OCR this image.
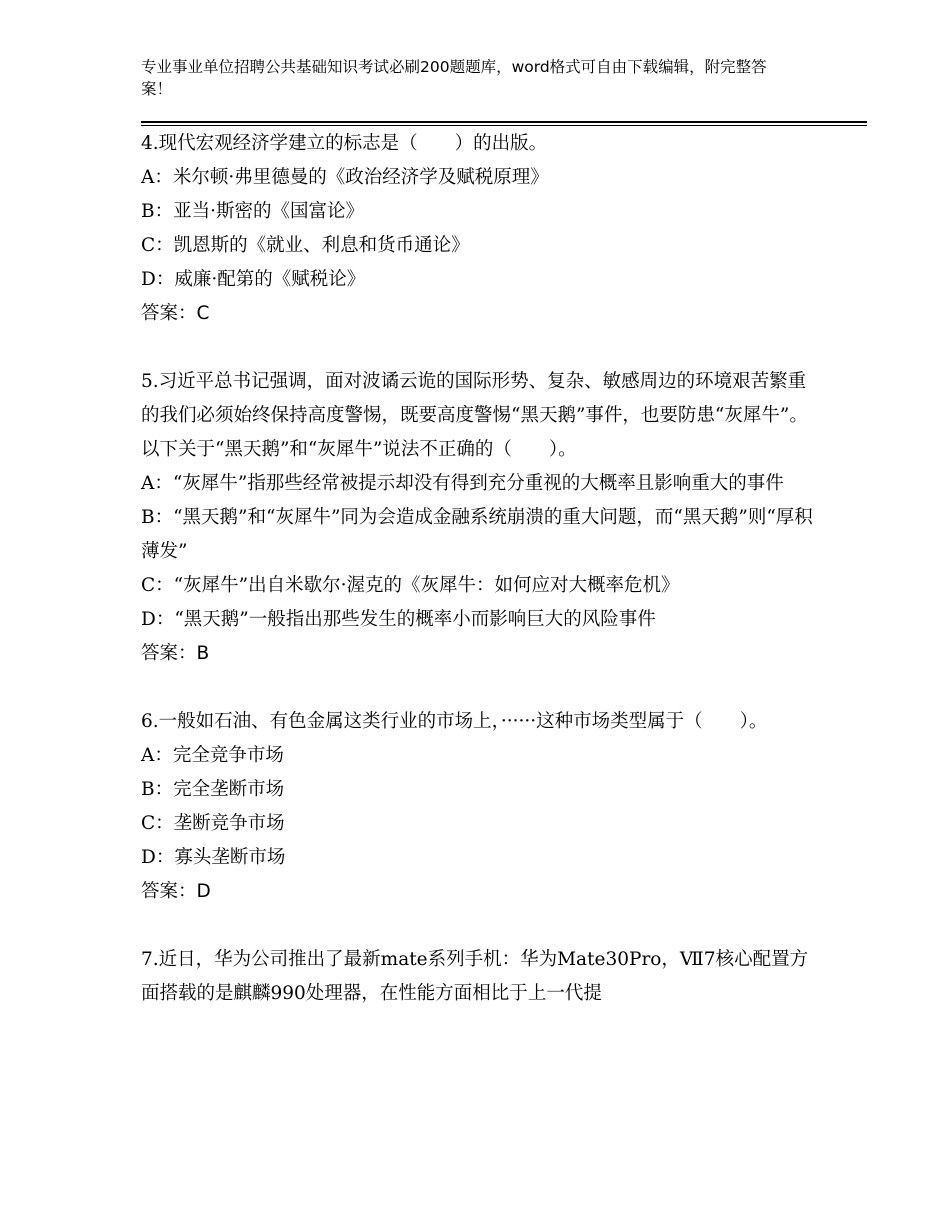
专业事业单位招聘公共基础知识考试必刷200题题库，word格式可自由下载编辑，附完整答案！
4.现代宏观经济学建立的标志是（　　）的出版。
A：米尔顿·弗里德曼的《政治经济学及赋税原理》
B：亚当·斯密的《国富论》
C：凯恩斯的《就业、利息和货币通论》
D：威廉·配第的《赋税论》
答案：C
5.习近平总书记强调，面对波谲云诡的国际形势、复杂、敏感周边的环境艰苦繁重的我们必须始终保持高度警惕，既要高度警惕“黑天鹅”事件，也要防患“灰犀牛”。以下关于“黑天鹅”和“灰犀牛”说法不正确的（　　）。
A：“灰犀牛”指那些经常被提示却没有得到充分重视的大概率且影响重大的事件
B：“黑天鹅”和“灰犀牛”同为会造成金融系统崩溃的重大问题，而“黑天鹅”则“厚积薄发”
C：“灰犀牛”出自米歇尔·渥克的《灰犀牛：如何应对大概率危机》
D：“黑天鹅”一般指出那些发生的概率小而影响巨大的风险事件
答案：B
6.一般如石油、有色金属这类行业的市场上，······这种市场类型属于（　　）。
A：完全竞争市场
B：完全垄断市场
C：垄断竞争市场
D：寡头垄断市场
答案：D
7.近日，华为公司推出了最新mate系列手机：华为Mate30Pro，Ⅶ7核心配置方面搭载的是麒麟990处理器，在性能方面相比于上一代提
